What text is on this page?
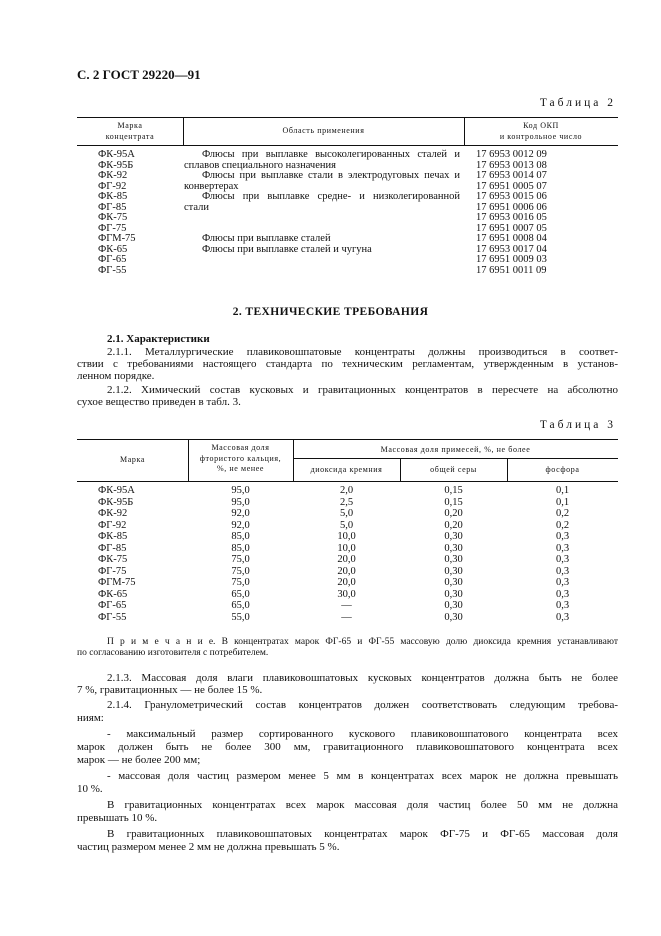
С. 2 ГОСТ 29220—91
Таблица 2
Марка
концентрата
Область применения
Код ОКП
и контрольное число
ФК-95А
ФК-95Б
ФК-92
ФГ-92
ФК-85
ФГ-85
ФК-75
ФГ-75
ФГМ-75
ФК-65
ФГ-65
ФГ-55
Флюсы при выплавке высоколегированных сталей и
сплавов специального назначения
Флюсы при выплавке стали в электродуговых печах и
конвертерах
Флюсы при выплавке средне- и низколегированной
стали
Флюсы при выплавке сталей
Флюсы при выплавке сталей и чугуна
17 6953 0012 09
17 6953 0013 08
17 6953 0014 07
17 6951 0005 07
17 6953 0015 06
17 6951 0006 06
17 6953 0016 05
17 6951 0007 05
17 6951 0008 04
17 6953 0017 04
17 6951 0009 03
17 6951 0011 09
2. ТЕХНИЧЕСКИЕ ТРЕБОВАНИЯ
2.1. Характеристики
2.1.1. Металлургические плавиковошпатовые концентраты должны производиться в соответ-
ствии с требованиями настоящего стандарта по техническим регламентам, утвержденным в установ-
ленном порядке.
2.1.2. Химический состав кусковых и гравитационных концентратов в пересчете на абсолютно
сухое вещество приведен в табл. 3.
Таблица 3
Марка
Массовая доля
фтористого кальция,
%, не менее
Массовая доля примесей, %, не более
диоксида кремния	общей серы	фосфора
ФК-95А
ФК-95Б
ФК-92
ФГ-92
ФК-85
ФГ-85
ФК-75
ФГ-75
ФГМ-75
ФК-65
ФГ-65
ФГ-55
95,0
95,0
92,0
92,0
85,0
85,0
75,0
75,0
75,0
65,0
65,0
55,0
2,0
2,5
5,0
5,0
10,0
10,0
20,0
20,0
20,0
30,0
—
—
0,15
0,15
0,20
0,20
0,30
0,30
0,30
0,30
0,30
0,30
0,30
0,30
0,1
0,1
0,2
0,2
0,3
0,3
0,3
0,3
0,3
0,3
0,3
0,3
П р и м е ч а н и е. В концентратах марок ФГ-65 и ФГ-55 массовую долю диоксида кремния устанавливают
по согласованию изготовителя с потребителем.
2.1.3. Массовая доля влаги плавиковошпатовых кусковых концентратов должна быть не более
7 %, гравитационных — не более 15 %.
2.1.4. Гранулометрический состав концентратов должен соответствовать следующим требова-
ниям:
- максимальный размер сортированного кускового плавиковошпатового концентрата всех
марок должен быть не более 300 мм, гравитационного плавиковошпатового концентрата всех
марок — не более 200 мм;
- массовая доля частиц размером менее 5 мм в концентратах всех марок не должна превышать
10 %.
В гравитационных концентратах всех марок массовая доля частиц более 50 мм не должна
превышать 10 %.
В гравитационных плавиковошпатовых концентратах марок ФГ-75 и ФГ-65 массовая доля
частиц размером менее 2 мм не должна превышать 5 %.
